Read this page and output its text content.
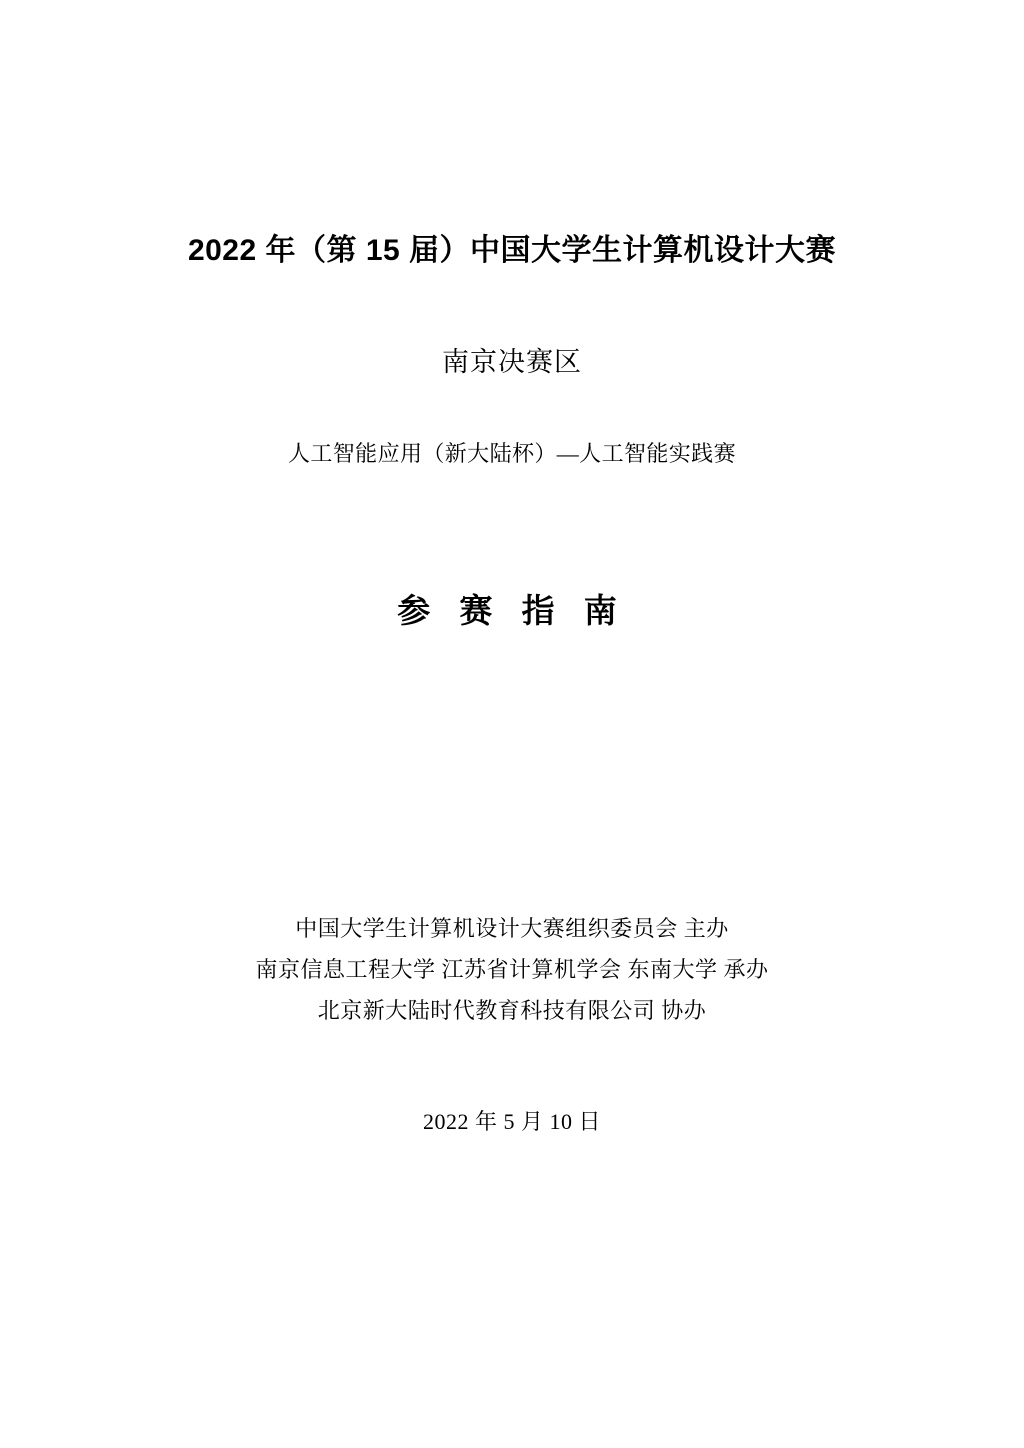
2022 年（第 15 届）中国大学生计算机设计大赛
南京决赛区
人工智能应用（新大陆杯）—人工智能实践赛
参 赛 指 南
中国大学生计算机设计大赛组织委员会 主办
南京信息工程大学 江苏省计算机学会 东南大学 承办
北京新大陆时代教育科技有限公司 协办
2022 年 5 月 10 日
